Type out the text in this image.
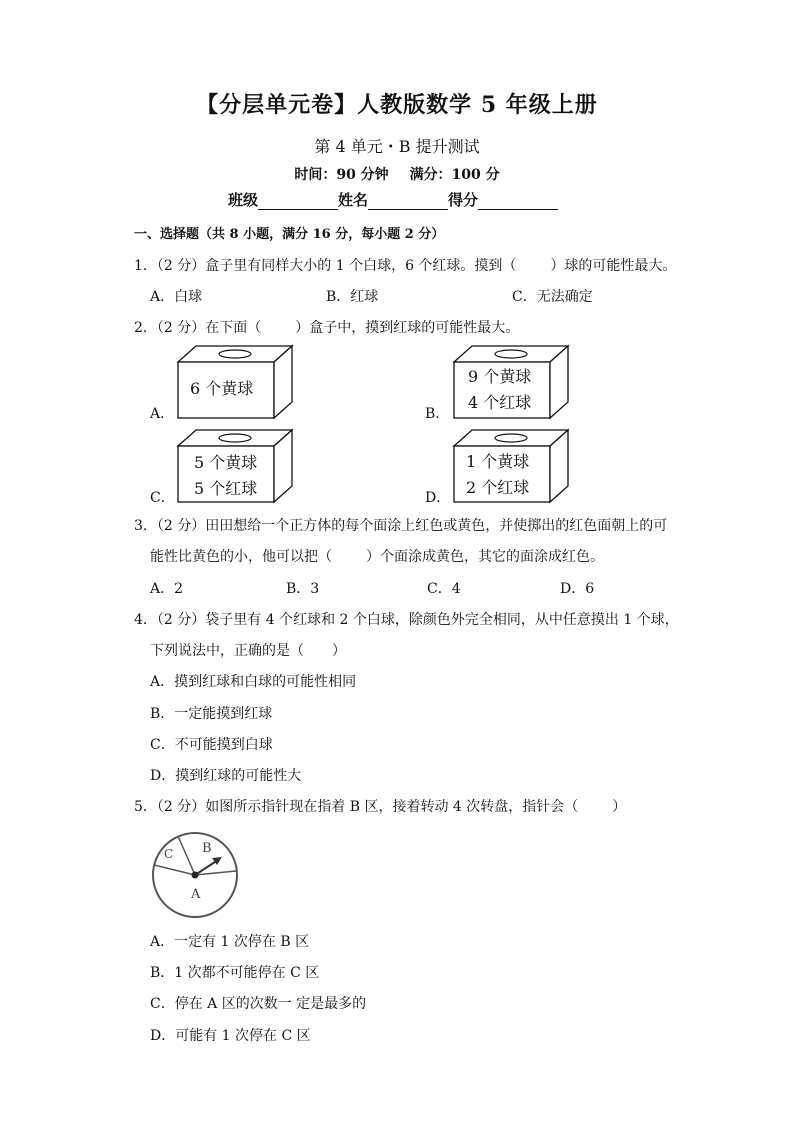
【分层单元卷】人教版数学 5 年级上册
第 4 单元・B 提升测试
时间：90 分钟 满分：100 分
班级	姓名	得分
一、选择题（共 8 小题，满分 16 分，每小题 2 分）
1．（2 分）盒子里有同样大小的 1 个白球，6 个红球。摸到（ ）球的可能性最大。
A．白球	B．红球	C．无法确定
2．（2 分）在下面（ ）盒子中，摸到红球的可能性最大。
A．
6 个黄球
B．
9 个黄球
4 个红球
C．
5 个黄球
5 个红球	D．
1 个黄球
2 个红球
3．（2 分）田田想给一个正方体的每个面涂上红色或黄色，并使掷出的红色面朝上的可
能性比黄色的小，他可以把（ ）个面涂成黄色，其它的面涂成红色。
A．2	B．3	C．4	D．6
4．（2 分）袋子里有 4 个红球和 2 个白球，除颜色外完全相同，从中任意摸出 1 个球，
下列说法中，正确的是（　　）
A．摸到红球和白球的可能性相同
B．一定能摸到红球
C．不可能摸到白球
D．摸到红球的可能性大
5．（2 分）如图所示指针现在指着 B 区，接着转动 4 次转盘，指针会（ ）
C B
A
A．一定有 1 次停在 B 区
B．1 次都不可能停在 C 区
C．停在 A 区的次数一 定是最多的
D．可能有 1 次停在 C 区
